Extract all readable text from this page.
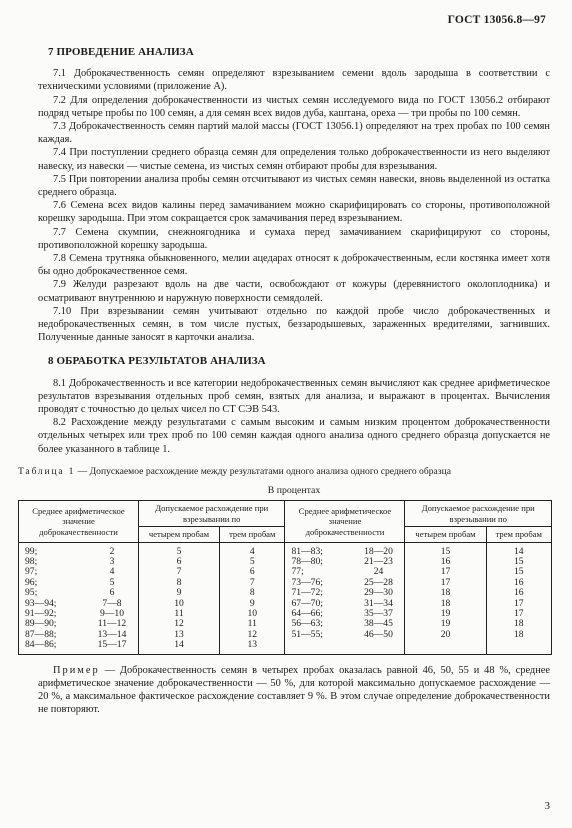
ГОСТ 13056.8—97
7 ПРОВЕДЕНИЕ АНАЛИЗА

7.1 Доброкачественность семян определяют взрезыванием семени вдоль зародыша в соответствии с техническими условиями (приложение А).

7.2 Для определения доброкачественности из чистых семян исследуемого вида по ГОСТ 13056.2 отбирают подряд четыре пробы по 100 семян, а для семян всех видов дуба, каштана, ореха — три пробы по 100 семян.

7.3 Доброкачественность семян партий малой массы (ГОСТ 13056.1) определяют на трех пробах по 100 семян каждая.

7.4 При поступлении среднего образца семян для определения только доброкачественности из него выделяют навеску, из навески — чистые семена, из чистых семян отбирают пробы для взрезывания.

7.5 При повторении анализа пробы семян отсчитывают из чистых семян навески, вновь выделенной из остатка среднего образца.

7.6 Семена всех видов калины перед замачиванием можно скарифицировать со стороны, противоположной корешку зародыша. При этом сокращается срок замачивания перед взрезыванием.

7.7 Семена скумпии, снежноягодника и сумаха перед замачиванием скарифицируют со стороны, противоположной корешку зародыша.

7.8 Семена трутняка обыкновенного, мелии ацедарах относят к доброкачественным, если костянка имеет хотя бы одно доброкачественное семя.

7.9 Желуди разрезают вдоль на две части, освобождают от кожуры (деревянистого околоплодника) и осматривают внутреннюю и наружную поверхности семядолей.

7.10 При взрезывании семян учитывают отдельно по каждой пробе число доброкачественных и недоброкачественных семян, в том числе пустых, беззародышевых, зараженных вредителями, загнивших. Полученные данные заносят в карточки анализа.

8 ОБРАБОТКА РЕЗУЛЬТАТОВ АНАЛИЗА

8.1 Доброкачественность и все категории недоброкачественных семян вычисляют как среднее арифметическое результатов взрезывания отдельных проб семян, взятых для анализа, и выражают в процентах. Вычисления проводят с точностью до целых чисел по СТ СЭВ 543.

8.2 Расхождение между результатами с самым высоким и самым низким процентом доброкачественности отдельных четырех или трех проб по 100 семян каждая одного анализа одного среднего образца допускается не более указанного в таблице 1.

Таблица 1 — Допускаемое расхождение между результатами одного анализа одного среднего образца

В процентах

Среднее арифметическое значение доброкачественности		Допускаемое расхождение при взрезывании по		Среднее арифметическое значение доброкачественности		Допускаемое расхождение при взрезывании по	
		четырем пробам	трем пробам			четырем пробам	трем пробам
99;	2	5	4	81—83;	18—20	15	14
98;	3	6	5	78—80;	21—23	16	15
97;	4	7	6	77;	24	17	15
96;	5	8	7	73—76;	25—28	17	16
95;	6	9	8	71—72;	29—30	18	16
93—94;	7—8	10	9	67—70;	31—34	18	17
91—92;	9—10	11	10	64—66;	35—37	19	17
89—90;	11—12	12	11	56—63;	38—45	19	18
87—88;	13—14	13	12	51—55;	46—50	20	18
84—86;	15—17	14	13				

Пример — Доброкачественность семян в четырех пробах оказалась равной 46, 50, 55 и 48 %, среднее арифметическое значение доброкачественности — 50 %, для которой максимально допускаемое расхождение — 20 %, а максимальное фактическое расхождение составляет 9 %. В этом случае определение доброкачественности не повторяют.

3
